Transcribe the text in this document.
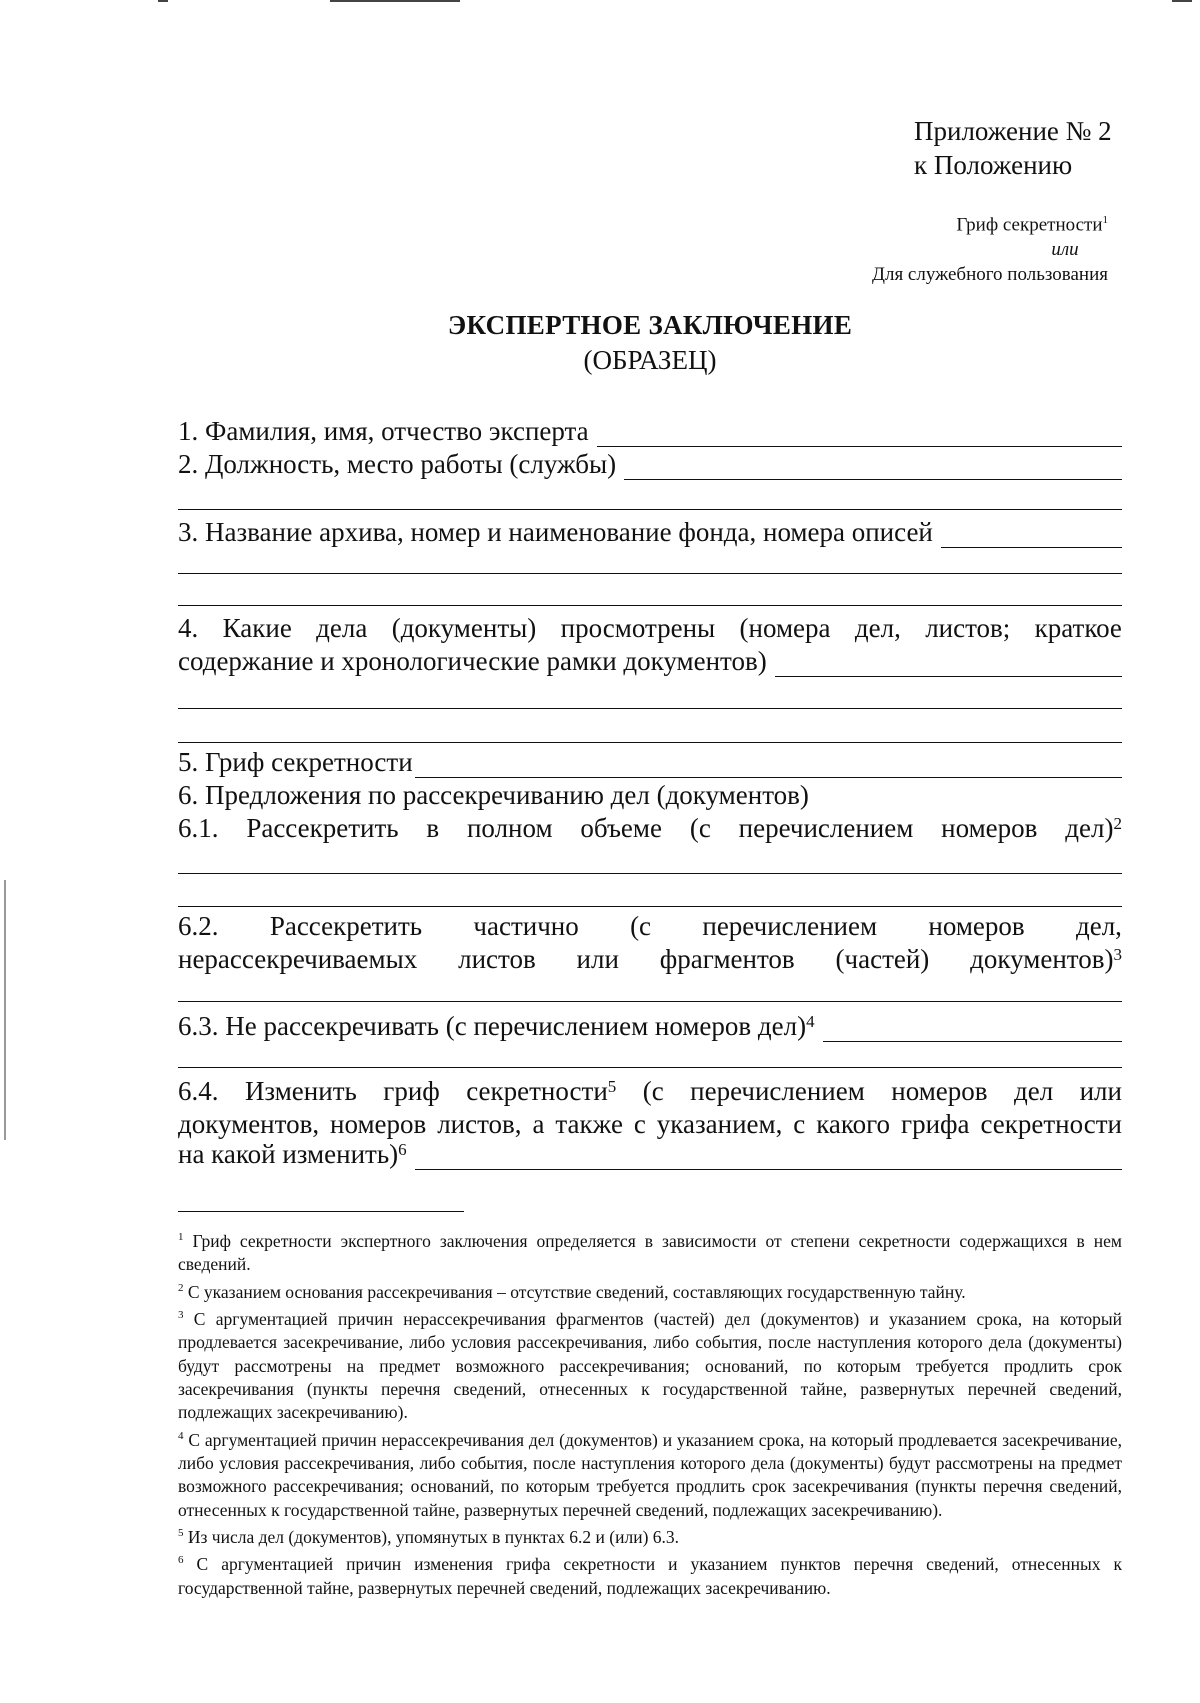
Приложение № 2
к Положению
Гриф секретности$^1$
или
Для служебного пользования
ЭКСПЕРТНОЕ ЗАКЛЮЧЕНИЕ
(ОБРАЗЕЦ)
1. Фамилия, имя, отчество эксперта
2. Должность, место работы (службы)
3. Название архива, номер и наименование фонда, номера описей
4. Какие дела (документы) просмотрены (номера дел, листов; краткое
содержание и хронологические рамки документов)
5. Гриф секретности
6. Предложения по рассекречиванию дел (документов)
6.1. Рассекретить в полном объеме (с перечислением номеров дел)$^2$
6.2. Рассекретить частично (с перечислением номеров дел,
нерассекречиваемых листов или фрагментов (частей) документов)$^3$
6.3. Не рассекречивать (с перечислением номеров дел)$^4$
6.4. Изменить гриф секретности$^5$ (с перечислением номеров дел или
документов, номеров листов, а также с указанием, с какого грифа секретности
на какой изменить)$^6$

$^1$ Гриф секретности экспертного заключения определяется в зависимости от степени секретности содержащихся в нем сведений.

$^2$ С указанием основания рассекречивания – отсутствие сведений, составляющих государственную тайну.

$^3$ С аргументацией причин нерассекречивания фрагментов (частей) дел (документов) и указанием срока, на который продлевается засекречивание, либо условия рассекречивания, либо события, после наступления которого дела (документы) будут рассмотрены на предмет возможного рассекречивания; оснований, по которым требуется продлить срок засекречивания (пункты перечня сведений, отнесенных к государственной тайне, развернутых перечней сведений, подлежащих засекречиванию).

$^4$ С аргументацией причин нерассекречивания дел (документов) и указанием срока, на который продлевается засекречивание, либо условия рассекречивания, либо события, после наступления которого дела (документы) будут рассмотрены на предмет возможного рассекречивания; оснований, по которым требуется продлить срок засекречивания (пункты перечня сведений, отнесенных к государственной тайне, развернутых перечней сведений, подлежащих засекречиванию).

$^5$ Из числа дел (документов), упомянутых в пунктах 6.2 и (или) 6.3.

$^6$ С аргументацией причин изменения грифа секретности и указанием пунктов перечня сведений, отнесенных к государственной тайне, развернутых перечней сведений, подлежащих засекречиванию.
